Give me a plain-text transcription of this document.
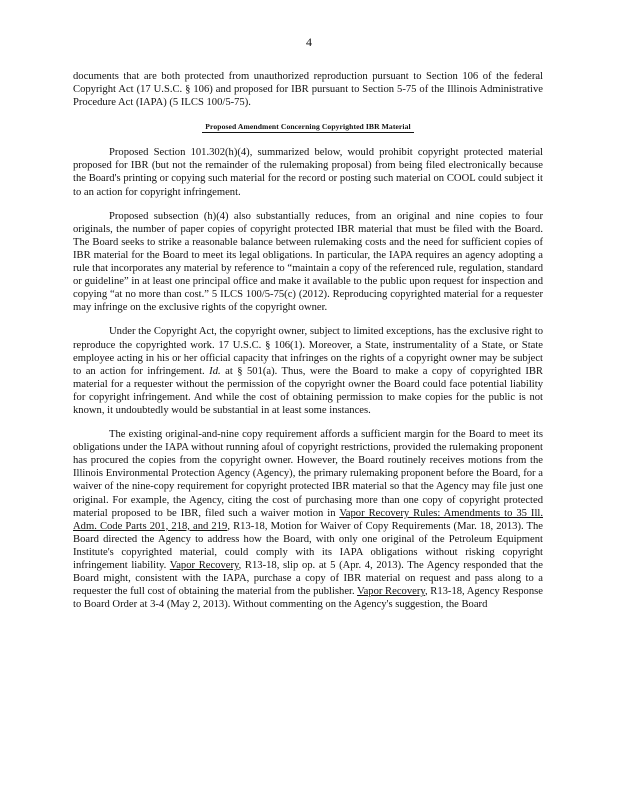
4

documents that are both protected from unauthorized reproduction pursuant to Section 106 of the federal Copyright Act (17 U.S.C. § 106) and proposed for IBR pursuant to Section 5-75 of the Illinois Administrative Procedure Act (IAPA) (5 ILCS 100/5-75).

Proposed Amendment Concerning Copyrighted IBR Material

Proposed Section 101.302(h)(4), summarized below, would prohibit copyright protected material proposed for IBR (but not the remainder of the rulemaking proposal) from being filed electronically because the Board's printing or copying such material for the record or posting such material on COOL could subject it to an action for copyright infringement.

Proposed subsection (h)(4) also substantially reduces, from an original and nine copies to four originals, the number of paper copies of copyright protected IBR material that must be filed with the Board. The Board seeks to strike a reasonable balance between rulemaking costs and the need for sufficient copies of IBR material for the Board to meet its legal obligations. In particular, the IAPA requires an agency adopting a rule that incorporates any material by reference to “maintain a copy of the referenced rule, regulation, standard or guideline” in at least one principal office and make it available to the public upon request for inspection and copying “at no more than cost.” 5 ILCS 100/5-75(c) (2012). Reproducing copyrighted material for a requester may infringe on the exclusive rights of the copyright owner.

Under the Copyright Act, the copyright owner, subject to limited exceptions, has the exclusive right to reproduce the copyrighted work. 17 U.S.C. § 106(1). Moreover, a State, instrumentality of a State, or State employee acting in his or her official capacity that infringes on the rights of a copyright owner may be subject to an action for infringement. Id. at § 501(a). Thus, were the Board to make a copy of copyrighted IBR material for a requester without the permission of the copyright owner the Board could face potential liability for copyright infringement. And while the cost of obtaining permission to make copies for the public is not known, it undoubtedly would be substantial in at least some instances.

The existing original-and-nine copy requirement affords a sufficient margin for the Board to meet its obligations under the IAPA without running afoul of copyright restrictions, provided the rulemaking proponent has procured the copies from the copyright owner. However, the Board routinely receives motions from the Illinois Environmental Protection Agency (Agency), the primary rulemaking proponent before the Board, for a waiver of the nine-copy requirement for copyright protected IBR material so that the Agency may file just one original. For example, the Agency, citing the cost of purchasing more than one copy of copyright protected material proposed to be IBR, filed such a waiver motion in Vapor Recovery Rules: Amendments to 35 Ill. Adm. Code Parts 201, 218, and 219, R13-18, Motion for Waiver of Copy Requirements (Mar. 18, 2013). The Board directed the Agency to address how the Board, with only one original of the Petroleum Equipment Institute's copyrighted material, could comply with its IAPA obligations without risking copyright infringement liability. Vapor Recovery, R13-18, slip op. at 5 (Apr. 4, 2013). The Agency responded that the Board might, consistent with the IAPA, purchase a copy of IBR material on request and pass along to a requester the full cost of obtaining the material from the publisher. Vapor Recovery, R13-18, Agency Response to Board Order at 3-4 (May 2, 2013). Without commenting on the Agency's suggestion, the Board
